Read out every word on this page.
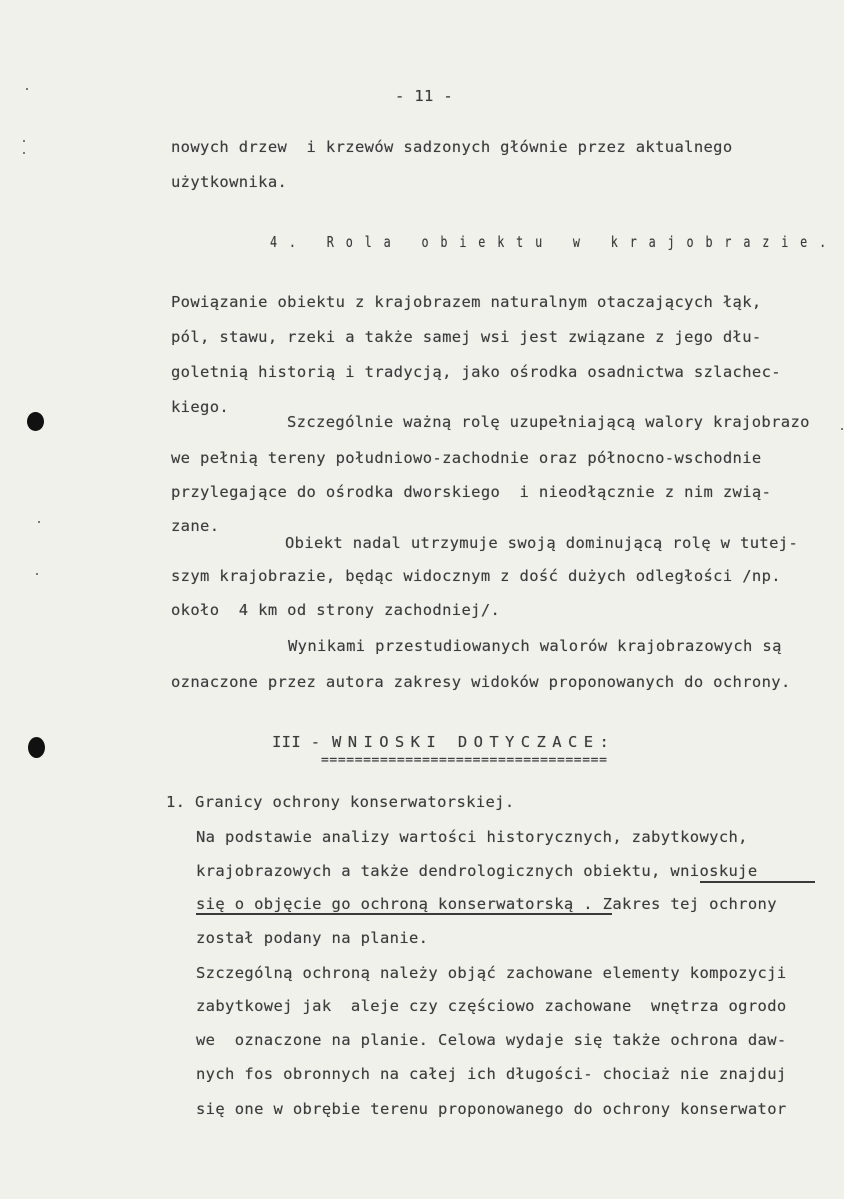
- 11 -
nowych drzew  i krzewów sadzonych głównie przez aktualnego
użytkownika.
4. Rola obiektu w krajobrazie.
Powiązanie obiektu z krajobrazem naturalnym otaczających łąk,
pól, stawu, rzeki a także samej wsi jest związane z jego dłu-
goletnią historią i tradycją, jako ośrodka osadnictwa szlachec-
kiego.
Szczególnie ważną rolę uzupełniającą walory krajobrazo
we pełnią tereny południowo-zachodnie oraz północno-wschodnie
przylegające do ośrodka dworskiego  i nieodłącznie z nim zwią-
zane.
Obiekt nadal utrzymuje swoją dominującą rolę w tutej-
szym krajobrazie, będąc widocznym z dość dużych odległości /np.
około  4 km od strony zachodniej/.
Wynikami przestudiowanych walorów krajobrazowych są
oznaczone przez autora zakresy widoków proponowanych do ochrony.
III - WNIOSKI DOTYCZACE:
==================================
1. Granicy ochrony konserwatorskiej.
Na podstawie analizy wartości historycznych, zabytkowych,
krajobrazowych a także dendrologicznych obiektu, wnioskuje
się o objęcie go ochroną konserwatorską . Zakres tej ochrony
został podany na planie.
Szczególną ochroną należy objąć zachowane elementy kompozycji
zabytkowej jak  aleje czy częściowo zachowane  wnętrza ogrodo
we  oznaczone na planie. Celowa wydaje się także ochrona daw-
nych fos obronnych na całej ich długości- chociaż nie znajduj
się one w obrębie terenu proponowanego do ochrony konserwator
